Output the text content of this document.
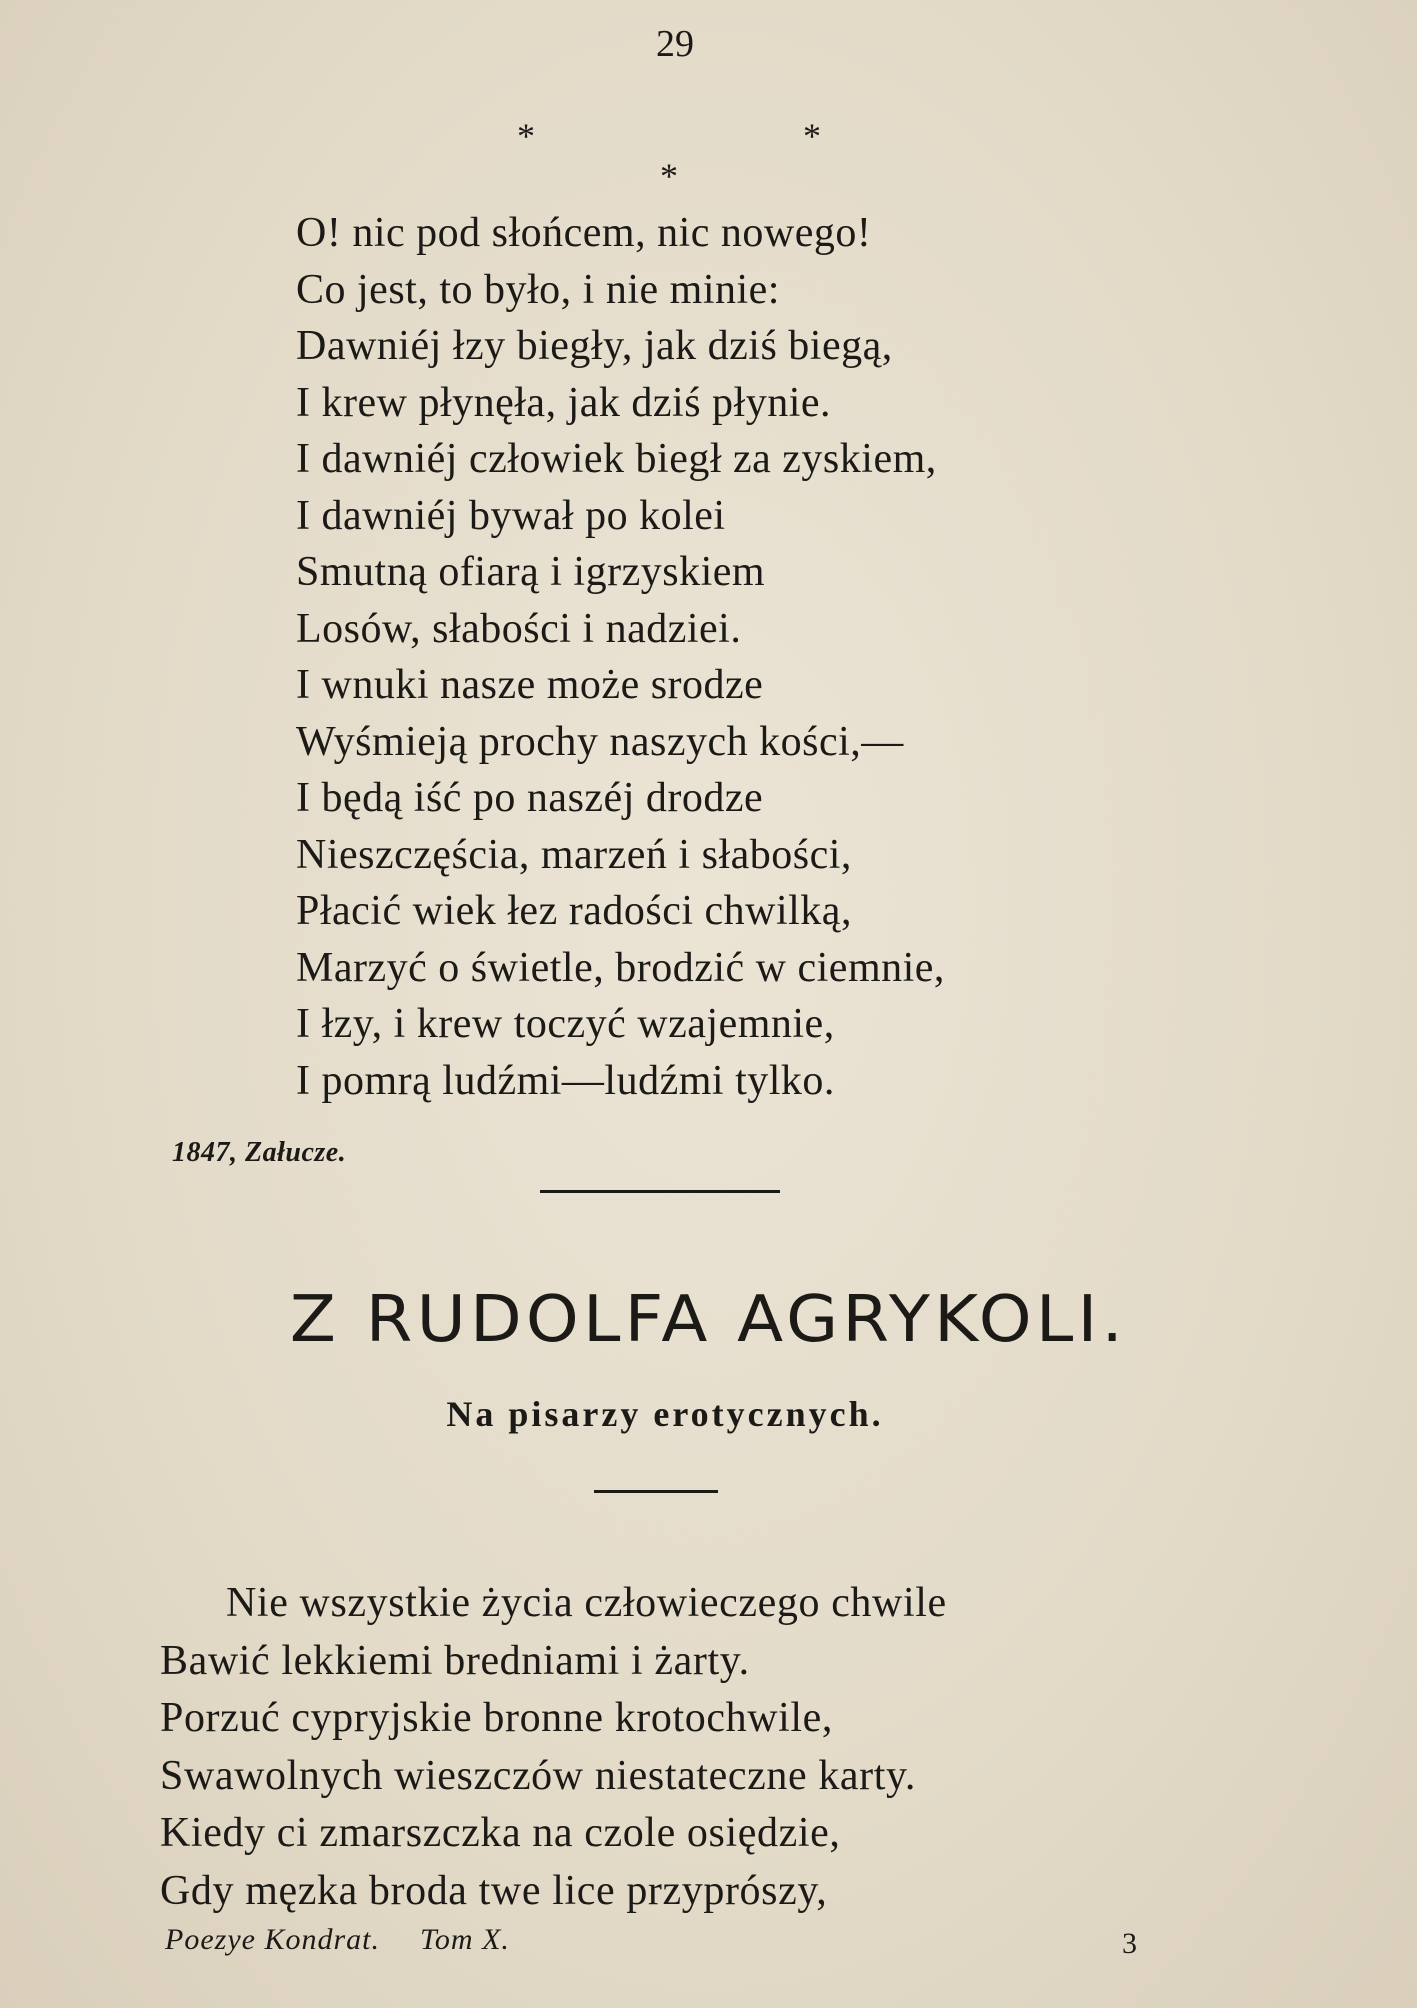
29
*	*
*
O! nic pod słońcem, nic nowego!
Co jest, to było, i nie minie:
Dawniéj łzy biegły, jak dziś biegą,
I krew płynęła, jak dziś płynie.
I dawniéj człowiek biegł za zyskiem,
I dawniéj bywał po kolei
Smutną ofiarą i igrzyskiem
Losów, słabości i nadziei.
I wnuki nasze może srodze
Wyśmieją prochy naszych kości,—
I będą iść po naszéj drodze
Nieszczęścia, marzeń i słabości,
Płacić wiek łez radości chwilką,
Marzyć o świetle, brodzić w ciemnie,
I łzy, i krew toczyć wzajemnie,
I pomrą ludźmi—ludźmi tylko.
1847, Załucze.
Z RUDOLFA AGRYKOLI.
Na pisarzy erotycznych.
Nie wszystkie życia człowieczego chwile
Bawić lekkiemi bredniami i żarty.
Porzuć cypryjskie bronne krotochwile,
Swawolnych wieszczów niestateczne karty.
Kiedy ci zmarszczka na czole osiędzie,
Gdy męzka broda twe lice przyprószy,
Poezye Kondrat. Tom X.	3
